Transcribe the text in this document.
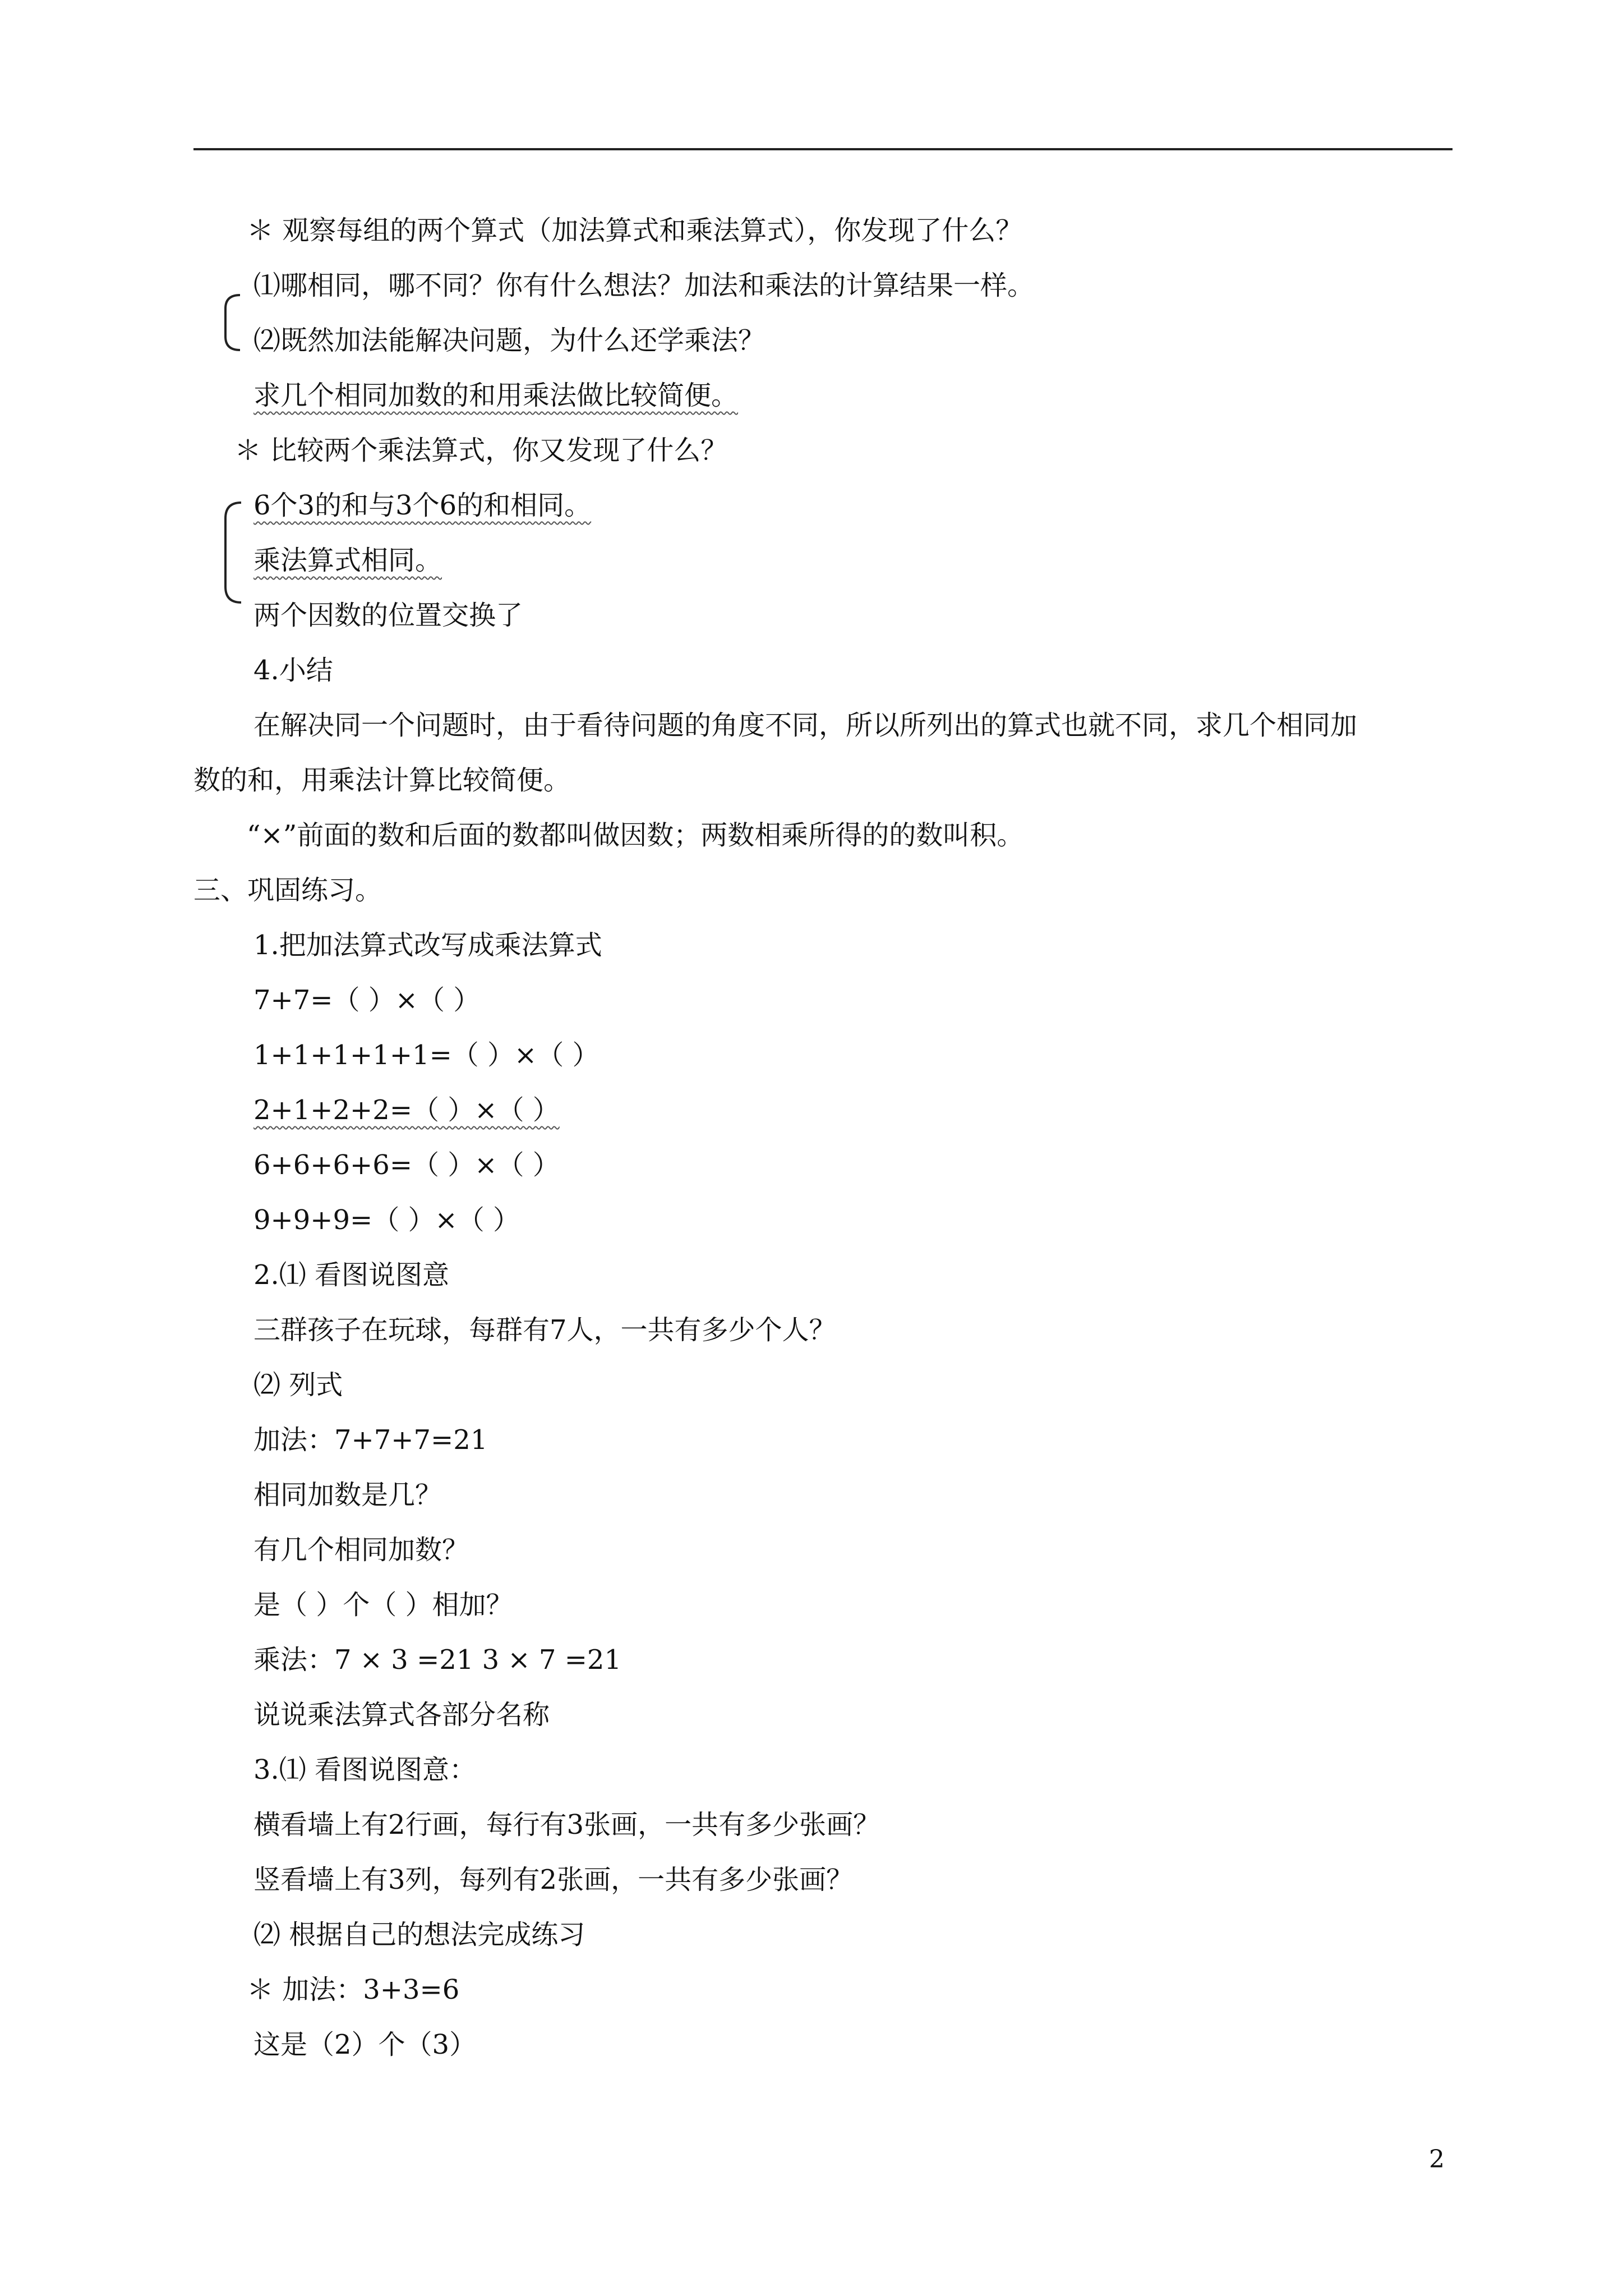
＊ 观察每组的两个算式（加法算式和乘法算式），你发现了什么？
⑴哪相同，哪不同？你有什么想法？加法和乘法的计算结果一样。
⑵既然加法能解决问题，为什么还学乘法？
求几个相同加数的和用乘法做比较简便。
＊ 比较两个乘法算式，你又发现了什么？
6个3的和与3个6的和相同。
乘法算式相同。
两个因数的位置交换了
4.小结
在解决同一个问题时，由于看待问题的角度不同，所以所列出的算式也就不同，求几个相同加
数的和，用乘法计算比较简便。
“×”前面的数和后面的数都叫做因数；两数相乘所得的的数叫积。
三、巩固练习。
1.把加法算式改写成乘法算式
7+7=（ ）×（ ）
1+1+1+1+1=（ ）×（ ）
2+1+2+2=（ ）×（ ）
6+6+6+6=（ ）×（ ）
9+9+9=（ ）×（ ）
2.⑴ 看图说图意
三群孩子在玩球，每群有7人，一共有多少个人？
⑵ 列式
加法：7+7+7=21
相同加数是几？
有几个相同加数？
是（ ）个（ ）相加？
乘法：7 × 3 =21 3 × 7 =21
说说乘法算式各部分名称
3.⑴ 看图说图意：
横看墙上有2行画，每行有3张画，一共有多少张画？
竖看墙上有3列，每列有2张画，一共有多少张画？
⑵ 根据自己的想法完成练习
＊ 加法：3+3=6
这是（2）个（3）
2
